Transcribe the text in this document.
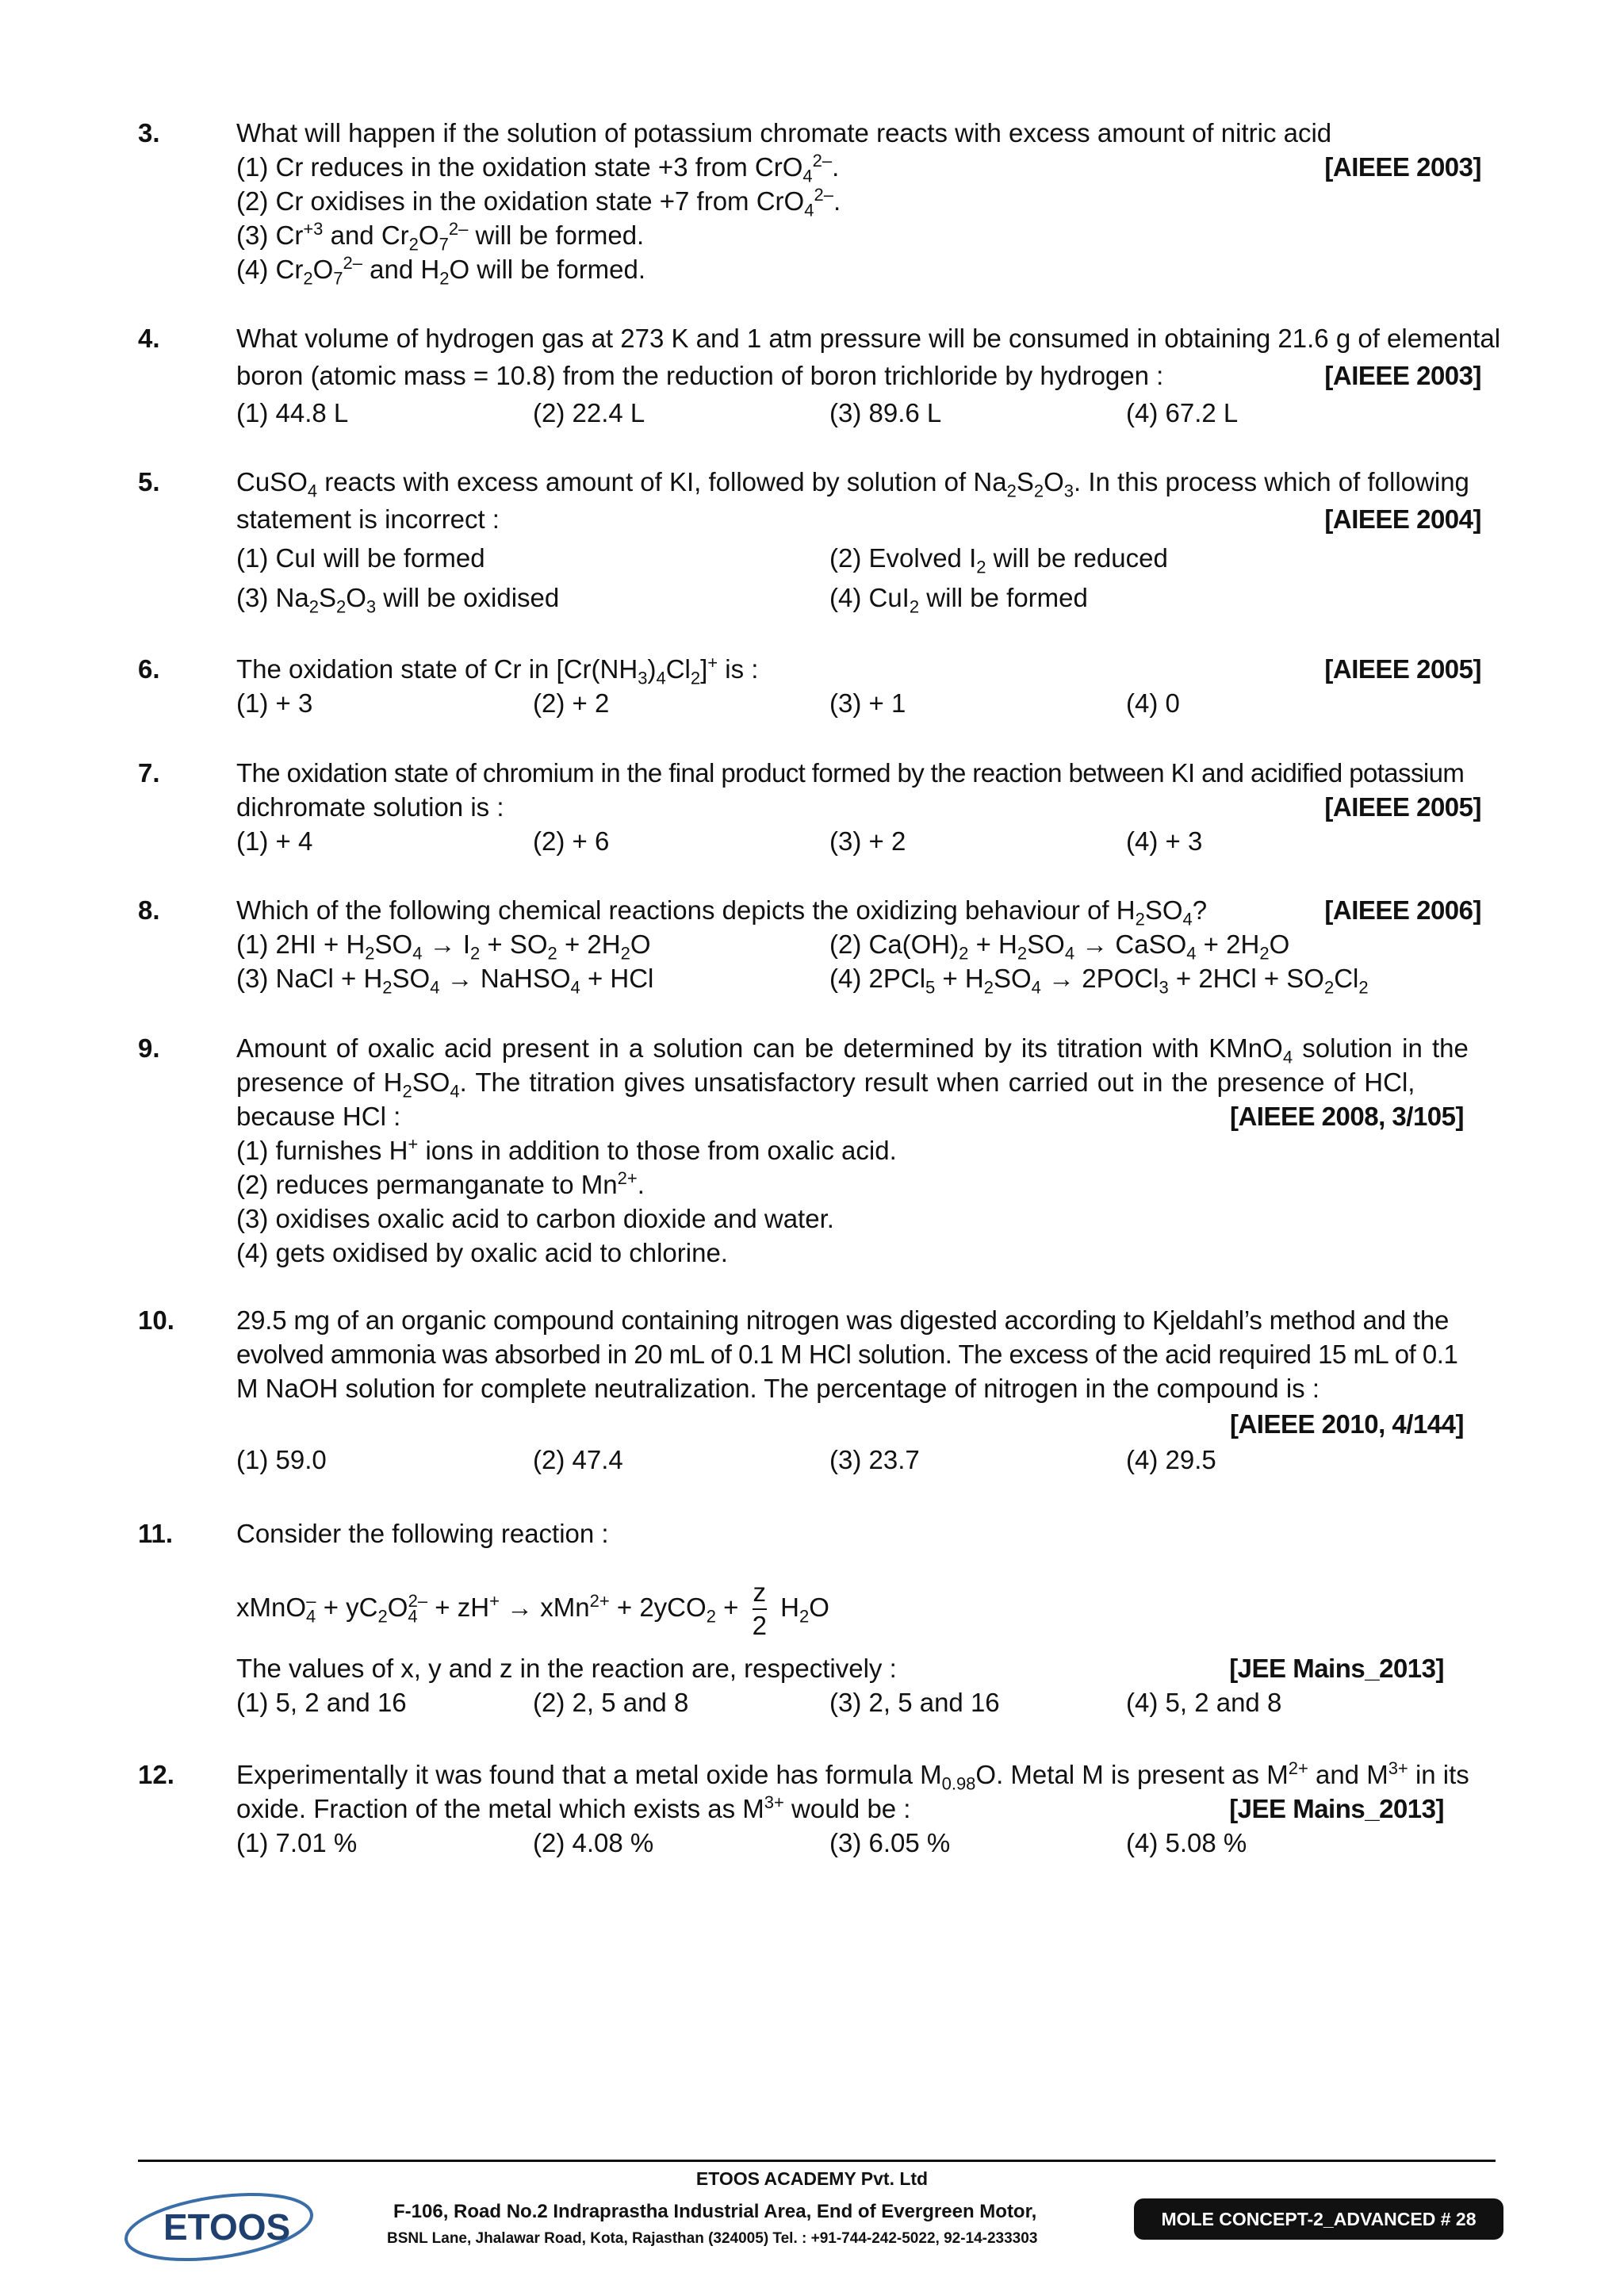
3.	What will happen if the solution of potassium chromate reacts with excess amount of nitric acid
(1) Cr reduces in the oxidation state +3 from CrO$_4^{2-}$.	[AIEEE 2003]
(2) Cr oxidises in the oxidation state +7 from CrO$_4^{2-}$.
(3) $Cr^{+3}$ and $Cr_2O_7^{2-}$ will be formed.
(4) $Cr_2O_7^{2-}$ and $H_2O$ will be formed.
4.	What volume of hydrogen gas at 273 K and 1 atm pressure will be consumed in obtaining 21.6 g of elemental
boron (atomic mass = 10.8) from the reduction of boron trichloride by hydrogen :	[AIEEE 2003]
(1) 44.8 L	(2) 22.4 L	(3) 89.6 L	(4) 67.2 L
5.	CuSO$_4$ reacts with excess amount of KI, followed by solution of $Na_2S_2O_3$. In this process which of following
statement is incorrect :	[AIEEE 2004]
(1) CuI will be formed	(2) Evolved $I_2$ will be reduced
(3) $Na_2S_2O_3$ will be oxidised	(4) CuI$_2$ will be formed
6.	The oxidation state of Cr in $[Cr(NH_3)_4Cl_2]^+$ is :	[AIEEE 2005]
(1) + 3	(2) + 2	(3) + 1	(4) 0
7.	The oxidation state of chromium in the final product formed by the reaction between KI and acidified potassium
dichromate solution is :	[AIEEE 2005]
(1) + 4	(2) + 6	(3) + 2	(4) + 3
8.	Which of the following chemical reactions depicts the oxidizing behaviour of $H_2SO_4$?	[AIEEE 2006]
(1) $2HI + H_2SO_4 \to I_2 + SO_2 + 2H_2O$	(2) $Ca(OH)_2 + H_2SO_4$ → CaSO$_4$ + $2H_2O$
(3) NaCl + $H_2SO_4$ → NaHSO$_4$ + HCl	(4) $2PCl_5 + H_2SO_4$ → 2POCl$_3$ + $2HCl + SO_2Cl_2$
9.	Amount of oxalic acid present in a solution can be determined by its titration with KMnO$_4$ solution in the
presence of $H_2SO_4$. The titration gives unsatisfactory result when carried out in the presence of HCl,
because HCl :	[AIEEE 2008, 3/105]
(1) furnishes H+ ions in addition to those from oxalic acid.
(2) reduces permanganate to $Mn^{2+}$.
(3) oxidises oxalic acid to carbon dioxide and water.
(4) gets oxidised by oxalic acid to chlorine.
10. 29.5 mg of an organic compound containing nitrogen was digested according to Kjeldahl’s method and the
evolved ammonia was absorbed in 20 mL of 0.1 M HCl solution. The excess of the acid required 15 mL of 0.1
M NaOH solution for complete neutralization. The percentage of nitrogen in the compound is :
[AIEEE 2010, 4/144]
(1) 59.0	(2) 47.4	(3) 23.7	(4) 29.5
11. Consider the following reaction :
xMnO$_4$– + $yC_2O_4^{2-} + zH^+ \to xMn^{2+} + 2yCO_2 + \frac{z}{2} H_2O$
The values of x, y and z in the reaction are, respectively :	[JEE Mains_2013]
(1) 5, 2 and 16	(2) 2, 5 and 8	(3) 2, 5 and 16	(4) 5, 2 and 8
12. Experimentally it was found that a metal oxide has formula $M_{0.98}O$. Metal M is present as $M^{2+}$ and $M^{3+}$ in its
oxide. Fraction of the metal which exists as $M^{3+}$ would be :	[JEE Mains_2013]
(1) 7.01 %	(2) 4.08 %	(3) 6.05 %	(4) 5.08 %
ETOOS ACADEMY Pvt. Ltd
F-106, Road No.2 Indraprastha Industrial Area, End of Evergreen Motor,
BSNL Lane, Jhalawar Road, Kota, Rajasthan (324005) Tel. : +91-744-242-5022, 92-14-233303
MOLE CONCEPT-2_ADVANCED # 28
ETOOS
